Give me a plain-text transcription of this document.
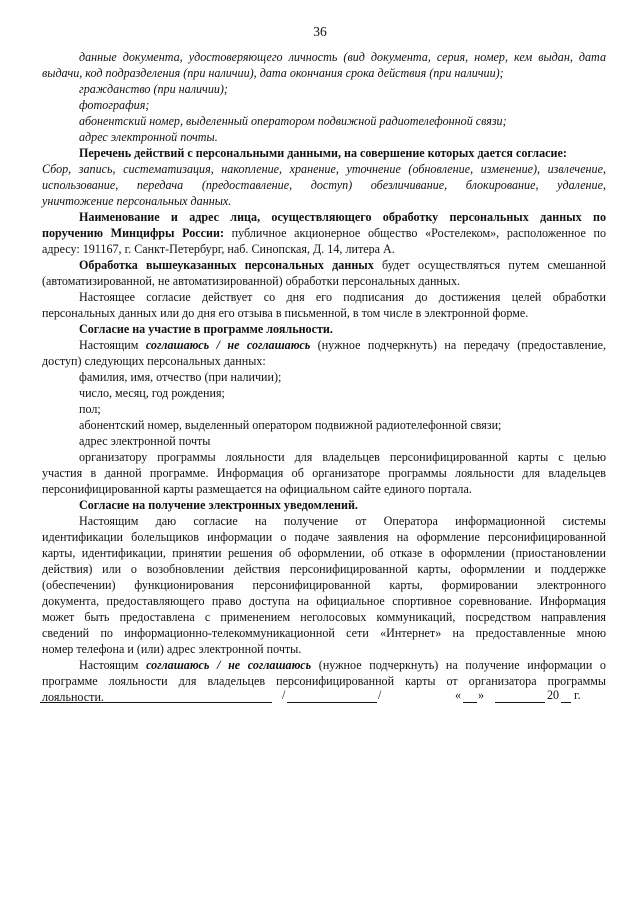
36

данные документа, удостоверяющего личность (вид документа, серия, номер, кем выдан, дата

выдачи, код подразделения (при наличии), дата окончания срока действия (при наличии);

гражданство (при наличии);

фотография;

абонентский номер, выделенный оператором подвижной радиотелефонной связи;

адрес электронной почты.

Перечень действий с персональными данными, на совершение которых дается согласие:

Сбор, запись, систематизация, накопление, хранение, уточнение (обновление, изменение), извлечение,

использование, передача (предоставление, доступ) обезличивание, блокирование, удаление,

уничтожение персональных данных.

Наименование и адрес лица, осуществляющего обработку персональных данных по

поручению Минцифры России: публичное акционерное общество «Ростелеком», расположенное по

адресу: 191167, г. Санкт-Петербург, наб. Синопская, Д. 14, литера А.

Обработка вышеуказанных персональных данных будет осуществляться путем смешанной

(автоматизированной, не автоматизированной) обработки персональных данных.

Настоящее согласие действует со дня его подписания до достижения целей обработки

персональных данных или до дня его отзыва в письменной, в том числе в электронной форме.

Согласие на участие в программе лояльности.

Настоящим соглашаюсь / не соглашаюсь (нужное подчеркнуть) на передачу (предоставление,

доступ) следующих персональных данных:

фамилия, имя, отчество (при наличии);

число, месяц, год рождения;

пол;

абонентский номер, выделенный оператором подвижной радиотелефонной связи;

адрес электронной почты

организатору программы лояльности для владельцев персонифицированной карты с целью

участия в данной программе. Информация об организаторе программы лояльности для владельцев

персонифицированной карты размещается на официальном сайте единого портала.

Согласие на получение электронных уведомлений.

Настоящим даю согласие на получение от Оператора информационной системы

идентификации болельщиков информации о подаче заявления на оформление персонифицированной

карты, идентификации, принятии решения об оформлении, об отказе в оформлении (приостановлении

действия) или о возобновлении действия персонифицированной карты, оформлении и поддержке

(обеспечении) функционирования персонифицированной карты, формировании электронного

документа, предоставляющего право доступа на официальное спортивное соревнование. Информация

может быть предоставлена с применением неголосовых коммуникаций, посредством направления

сведений по информационно-телекоммуникационной сети «Интернет» на предоставленные мною

номер телефона и (или) адрес электронной почты.

Настоящим соглашаюсь / не соглашаюсь (нужное подчеркнуть) на получение информации о

программе лояльности для владельцев персонифицированной карты от организатора программы

лояльности.	/	/	« »	20 г.
